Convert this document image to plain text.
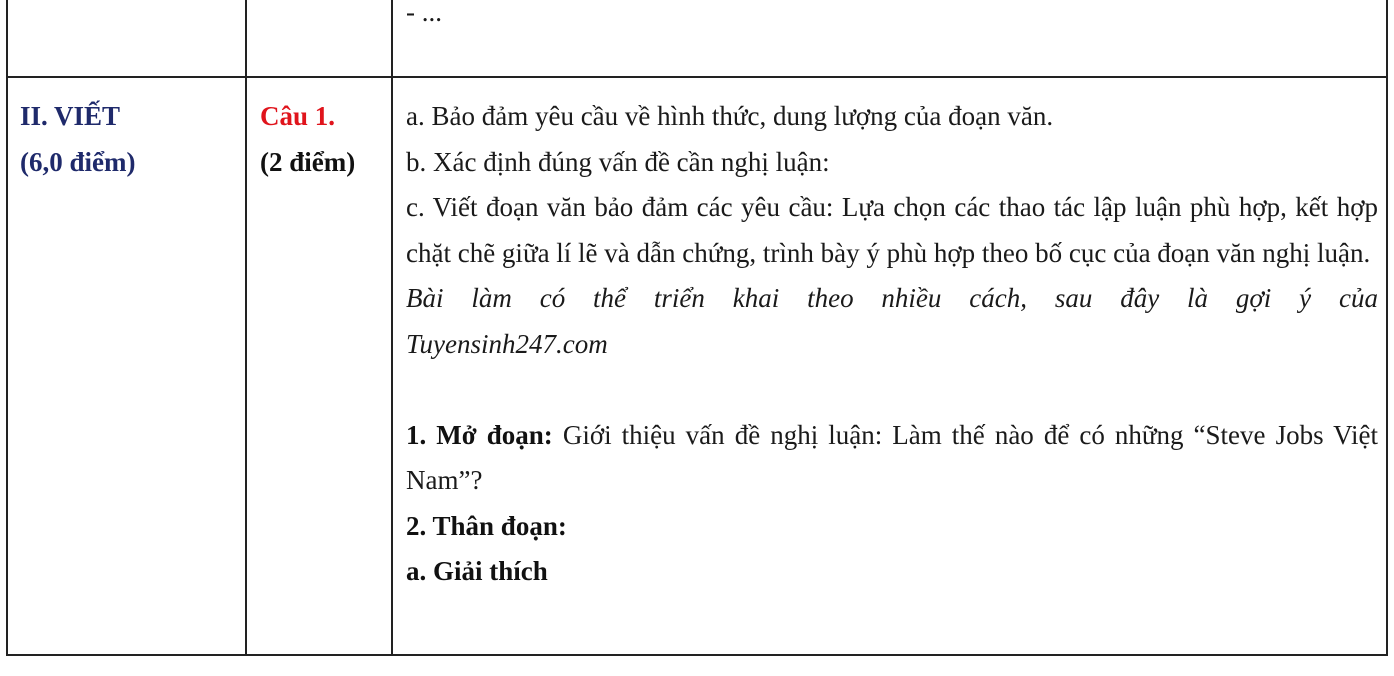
- ...

II. VIẾT

(6,0 điểm)

Câu 1.

(2 điểm)

a. Bảo đảm yêu cầu về hình thức, dung lượng của đoạn văn.

b. Xác định đúng vấn đề cần nghị luận:

c. Viết đoạn văn bảo đảm các yêu cầu: Lựa chọn các thao tác lập luận phù hợp, kết hợp chặt chẽ giữa lí lẽ và dẫn chứng, trình bày ý phù hợp theo bố cục của đoạn văn nghị luận.

Bài làm có thể triển khai theo nhiều cách, sau đây là gợi ý của Tuyensinh247.com

1. Mở đoạn: Giới thiệu vấn đề nghị luận: Làm thế nào để có những “Steve Jobs Việt Nam”?

2. Thân đoạn:

a. Giải thích
